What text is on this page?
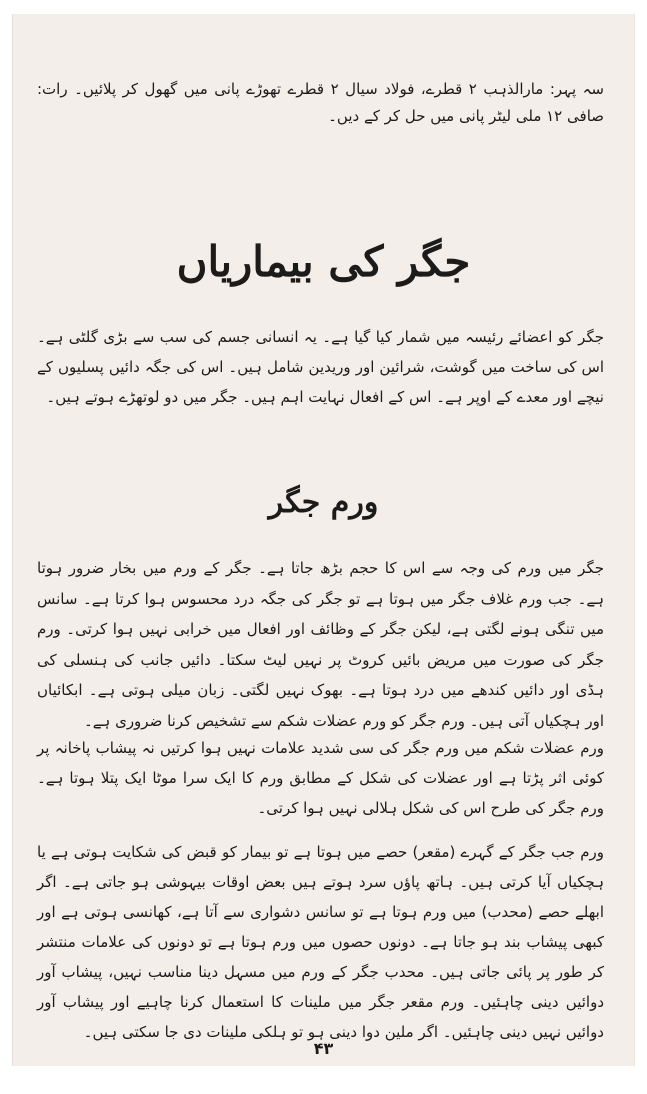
سہ پہر: مارالذہب ۲ قطرے، فولاد سیال ۲ قطرے تھوڑے پانی میں گھول کر پلائیں۔ رات: صافی ۱۲ ملی لیٹر پانی میں حل کر کے دیں۔

جگر کی بیماریاں

جگر کو اعضائے رئیسہ میں شمار کیا گیا ہے۔ یہ انسانی جسم کی سب سے بڑی گلٹی ہے۔ اس کی ساخت میں گوشت، شرائین اور وریدین شامل ہیں۔ اس کی جگہ دائیں پسلیوں کے نیچے اور معدے کے اوپر ہے۔ اس کے افعال نہایت اہم ہیں۔ جگر میں دو لوتھڑے ہوتے ہیں۔

ورم جگر

جگر میں ورم کی وجہ سے اس کا حجم بڑھ جاتا ہے۔ جگر کے ورم میں بخار ضرور ہوتا ہے۔ جب ورم غلاف جگر میں ہوتا ہے تو جگر کی جگہ درد محسوس ہوا کرتا ہے۔ سانس میں تنگی ہونے لگتی ہے، لیکن جگر کے وظائف اور افعال میں خرابی نہیں ہوا کرتی۔ ورم جگر کی صورت میں مریض بائیں کروٹ پر نہیں لیٹ سکتا۔ دائیں جانب کی ہنسلی کی ہڈی اور دائیں کندھے میں درد ہوتا ہے۔ بھوک نہیں لگتی۔ زبان میلی ہوتی ہے۔ ابکائیاں اور ہچکیاں آتی ہیں۔ ورم جگر کو ورم عضلات شکم سے تشخیص کرنا ضروری ہے۔

ورم عضلات شکم میں ورم جگر کی سی شدید علامات نہیں ہوا کرتیں نہ پیشاب پاخانہ پر کوئی اثر پڑتا ہے اور عضلات کی شکل کے مطابق ورم کا ایک سرا موٹا ایک پتلا ہوتا ہے۔ ورم جگر کی طرح اس کی شکل ہلالی نہیں ہوا کرتی۔

ورم جب جگر کے گہرے (مقعر) حصے میں ہوتا ہے تو بیمار کو قبض کی شکایت ہوتی ہے یا ہچکیاں آیا کرتی ہیں۔ ہاتھ پاؤں سرد ہوتے ہیں بعض اوقات بیہوشی ہو جاتی ہے۔ اگر ابھلے حصے (محدب) میں ورم ہوتا ہے تو سانس دشواری سے آتا ہے، کھانسی ہوتی ہے اور کبھی پیشاب بند ہو جاتا ہے۔ دونوں حصوں میں ورم ہوتا ہے تو دونوں کی علامات منتشر کر طور پر پائی جاتی ہیں۔ محدب جگر کے ورم میں مسہل دینا مناسب نہیں، پیشاب آور دوائیں دینی چاہئیں۔ ورم مقعر جگر میں ملینات کا استعمال کرنا چاہیے اور پیشاب آور دوائیں نہیں دینی چاہئیں۔ اگر ملین دوا دینی ہو تو ہلکی ملینات دی جا سکتی ہیں۔

۴۳
